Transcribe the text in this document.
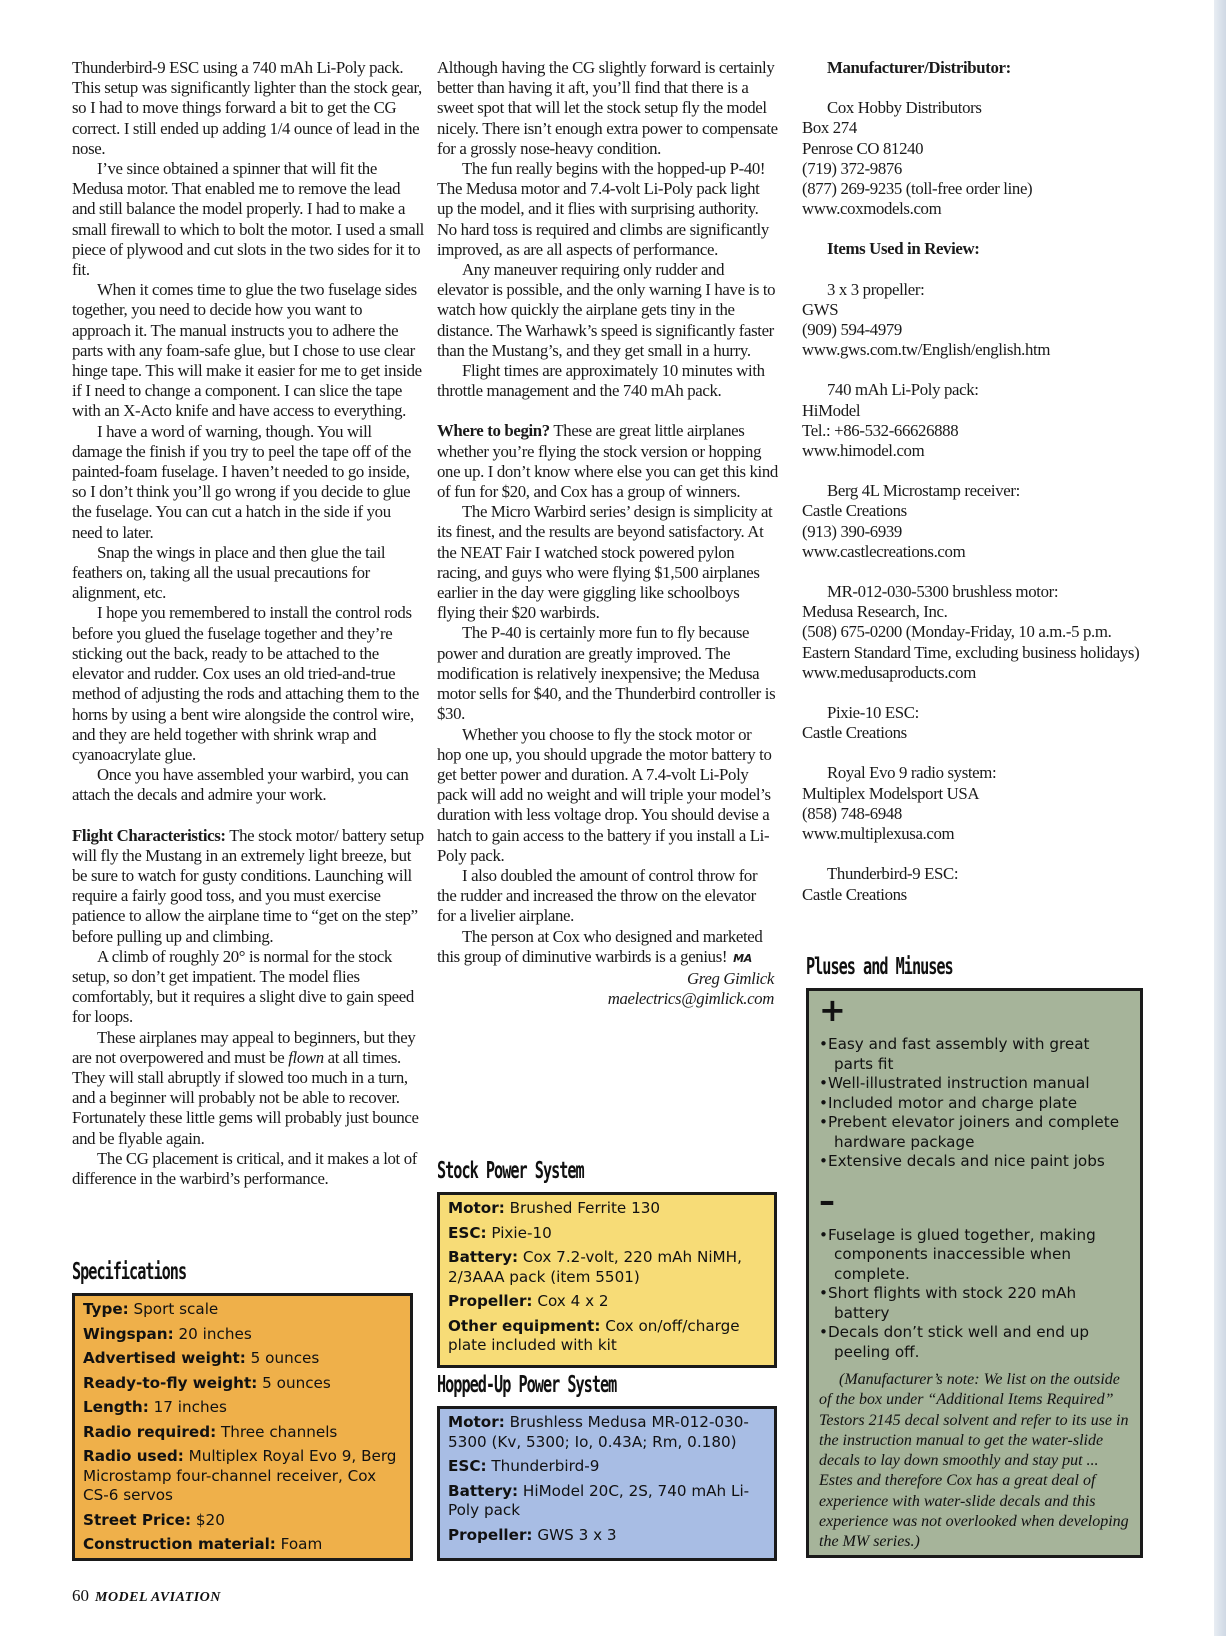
Thunderbird-9 ESC using a 740 mAh Li-Poly pack. This setup was significantly lighter than the stock gear, so I had to move things forward a bit to get the CG correct. I still ended up adding 1/4 ounce of lead in the nose.

I’ve since obtained a spinner that will fit the Medusa motor. That enabled me to remove the lead and still balance the model properly. I had to make a small firewall to which to bolt the motor. I used a small piece of plywood and cut slots in the two sides for it to fit.

When it comes time to glue the two fuselage sides together, you need to decide how you want to approach it. The manual instructs you to adhere the parts with any foam-safe glue, but I chose to use clear hinge tape. This will make it easier for me to get inside if I need to change a component. I can slice the tape with an X-Acto knife and have access to everything.

I have a word of warning, though. You will damage the finish if you try to peel the tape off of the painted-foam fuselage. I haven’t needed to go inside, so I don’t think you’ll go wrong if you decide to glue the fuselage. You can cut a hatch in the side if you need to later.

Snap the wings in place and then glue the tail feathers on, taking all the usual precautions for alignment, etc.

I hope you remembered to install the control rods before you glued the fuselage together and they’re sticking out the back, ready to be attached to the elevator and rudder. Cox uses an old tried-and-true method of adjusting the rods and attaching them to the horns by using a bent wire alongside the control wire, and they are held together with shrink wrap and cyanoacrylate glue.

Once you have assembled your warbird, you can attach the decals and admire your work.

Flight Characteristics: The stock motor/ battery setup will fly the Mustang in an extremely light breeze, but be sure to watch for gusty conditions. Launching will require a fairly good toss, and you must exercise patience to allow the airplane time to “get on the step” before pulling up and climbing.

A climb of roughly 20° is normal for the stock setup, so don’t get impatient. The model flies comfortably, but it requires a slight dive to gain speed for loops.

These airplanes may appeal to beginners, but they are not overpowered and must be flown at all times. They will stall abruptly if slowed too much in a turn, and a beginner will probably not be able to recover. Fortunately these little gems will probably just bounce and be flyable again.

The CG placement is critical, and it makes a lot of difference in the warbird’s performance.

Although having the CG slightly forward is certainly better than having it aft, you’ll find that there is a sweet spot that will let the stock setup fly the model nicely. There isn’t enough extra power to compensate for a grossly nose-heavy condition.

The fun really begins with the hopped-up P-40! The Medusa motor and 7.4-volt Li-Poly pack light up the model, and it flies with surprising authority. No hard toss is required and climbs are significantly improved, as are all aspects of performance.

Any maneuver requiring only rudder and elevator is possible, and the only warning I have is to watch how quickly the airplane gets tiny in the distance. The Warhawk’s speed is significantly faster than the Mustang’s, and they get small in a hurry.

Flight times are approximately 10 minutes with throttle management and the 740 mAh pack.

Where to begin? These are great little airplanes whether you’re flying the stock version or hopping one up. I don’t know where else you can get this kind of fun for $20, and Cox has a group of winners.

The Micro Warbird series’ design is simplicity at its finest, and the results are beyond satisfactory. At the NEAT Fair I watched stock powered pylon racing, and guys who were flying $1,500 airplanes earlier in the day were giggling like schoolboys flying their $20 warbirds.

The P-40 is certainly more fun to fly because power and duration are greatly improved. The modification is relatively inexpensive; the Medusa motor sells for $40, and the Thunderbird controller is $30.

Whether you choose to fly the stock motor or hop one up, you should upgrade the motor battery to get better power and duration. A 7.4-volt Li-Poly pack will add no weight and will triple your model’s duration with less voltage drop. You should devise a hatch to gain access to the battery if you install a Li-Poly pack.

I also doubled the amount of control throw for the rudder and increased the throw on the elevator for a livelier airplane.

The person at Cox who designed and marketed this group of diminutive warbirds is a genius! MA

Greg Gimlick
maelectrics@gimlick.com

Manufacturer/Distributor:

Cox Hobby Distributors
Box 274
Penrose CO 81240
(719) 372-9876
(877) 269-9235 (toll-free order line)
www.coxmodels.com

Items Used in Review:

3 x 3 propeller:
GWS
(909) 594-4979
www.gws.com.tw/English/english.htm

740 mAh Li-Poly pack:
HiModel
Tel.: +86-532-66626888
www.himodel.com

Berg 4L Microstamp receiver:
Castle Creations
(913) 390-6939
www.castlecreations.com

MR-012-030-5300 brushless motor:
Medusa Research, Inc.
(508) 675-0200 (Monday-Friday, 10 a.m.-5 p.m. Eastern Standard Time, excluding business holidays)
www.medusaproducts.com

Pixie-10 ESC:
Castle Creations

Royal Evo 9 radio system:
Multiplex Modelsport USA
(858) 748-6948
www.multiplexusa.com

Thunderbird-9 ESC:
Castle Creations

Specifications
Type: Sport scale
Wingspan: 20 inches
Advertised weight: 5 ounces
Ready-to-fly weight: 5 ounces
Length: 17 inches
Radio required: Three channels
Radio used: Multiplex Royal Evo 9, Berg Microstamp four-channel receiver, Cox CS-6 servos
Street Price: $20
Construction material: Foam
Stock Power System
Motor: Brushed Ferrite 130
ESC: Pixie-10
Battery: Cox 7.2-volt, 220 mAh NiMH, 2/3AAA pack (item 5501)
Propeller: Cox 4 x 2
Other equipment: Cox on/off/charge plate included with kit
Hopped-Up Power System
Motor: Brushless Medusa MR-012-030-5300 (Kv, 5300; Io, 0.43A; Rm, 0.180)
ESC: Thunderbird-9
Battery: HiModel 20C, 2S, 740 mAh Li-Poly pack
Propeller: GWS 3 x 3
Pluses and Minuses
+
• Easy and fast assembly with great parts fit
• Well-illustrated instruction manual
• Included motor and charge plate
• Prebent elevator joiners and complete hardware package
• Extensive decals and nice paint jobs
–
• Fuselage is glued together, making components inaccessible when complete.
• Short flights with stock 220 mAh battery
• Decals don’t stick well and end up peeling off.
(Manufacturer’s note: We list on the outside of the box under “Additional Items Required” Testors 2145 decal solvent and refer to its use in the instruction manual to get the water-slide decals to lay down smoothly and stay put ... Estes and therefore Cox has a great deal of experience with water-slide decals and this experience was not overlooked when developing the MW series.)
60 MODEL AVIATION
